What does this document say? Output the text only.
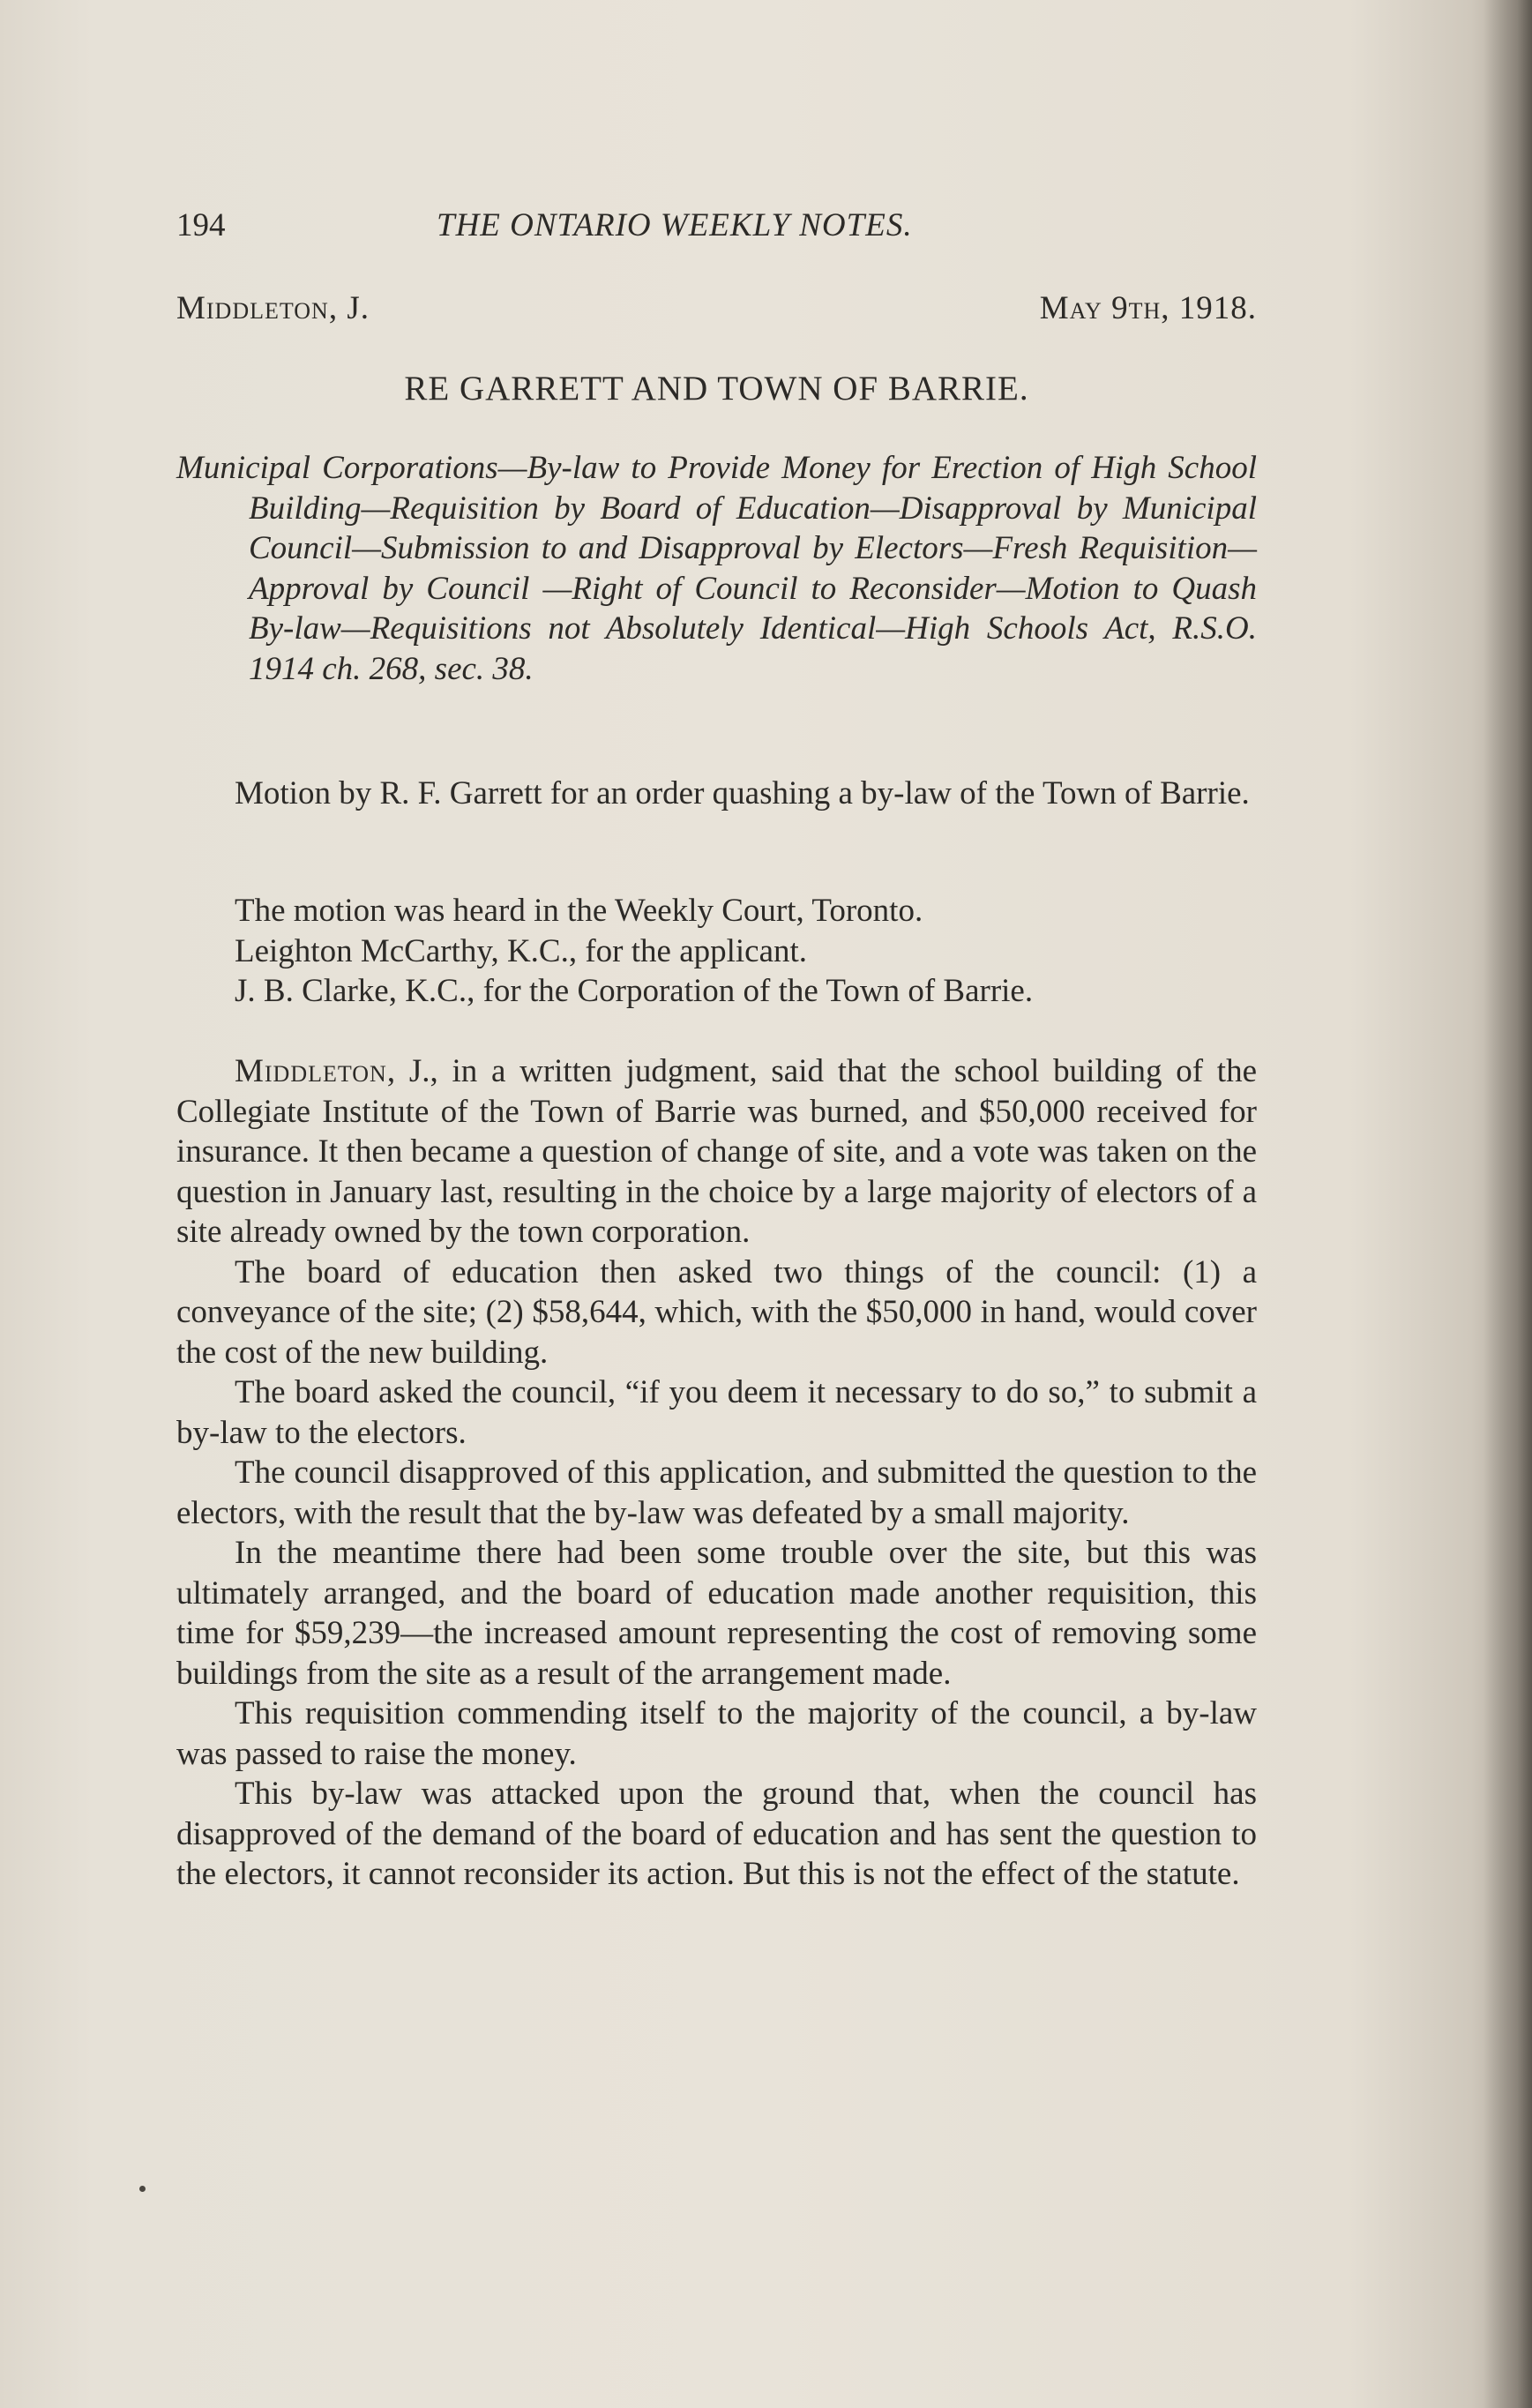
194	THE ONTARIO WEEKLY NOTES.
Middleton, J.	May 9th, 1918.
RE GARRETT AND TOWN OF BARRIE.
Municipal Corporations—By-law to Provide Money for Erection of High School Building—Requisition by Board of Education—Disapproval by Municipal Council—Submission to and Disapproval by Electors—Fresh Requisition—Approval by Council —Right of Council to Reconsider—Motion to Quash By-law—Requisitions not Absolutely Identical—High Schools Act, R.S.O. 1914 ch. 268, sec. 38.

Motion by R. F. Garrett for an order quashing a by-law of the Town of Barrie.

The motion was heard in the Weekly Court, Toronto.

Leighton McCarthy, K.C., for the applicant.

J. B. Clarke, K.C., for the Corporation of the Town of Barrie.

Middleton, J., in a written judgment, said that the school building of the Collegiate Institute of the Town of Barrie was burned, and $50,000 received for insurance. It then became a question of change of site, and a vote was taken on the question in January last, resulting in the choice by a large majority of electors of a site already owned by the town corporation.

The board of education then asked two things of the council: (1) a conveyance of the site; (2) $58,644, which, with the $50,000 in hand, would cover the cost of the new building.

The board asked the council, “if you deem it necessary to do so,” to submit a by-law to the electors.

The council disapproved of this application, and submitted the question to the electors, with the result that the by-law was defeated by a small majority.

In the meantime there had been some trouble over the site, but this was ultimately arranged, and the board of education made another requisition, this time for $59,239—the increased amount representing the cost of removing some buildings from the site as a result of the arrangement made.

This requisition commending itself to the majority of the council, a by-law was passed to raise the money.

This by-law was attacked upon the ground that, when the council has disapproved of the demand of the board of education and has sent the question to the electors, it cannot reconsider its action. But this is not the effect of the statute.
